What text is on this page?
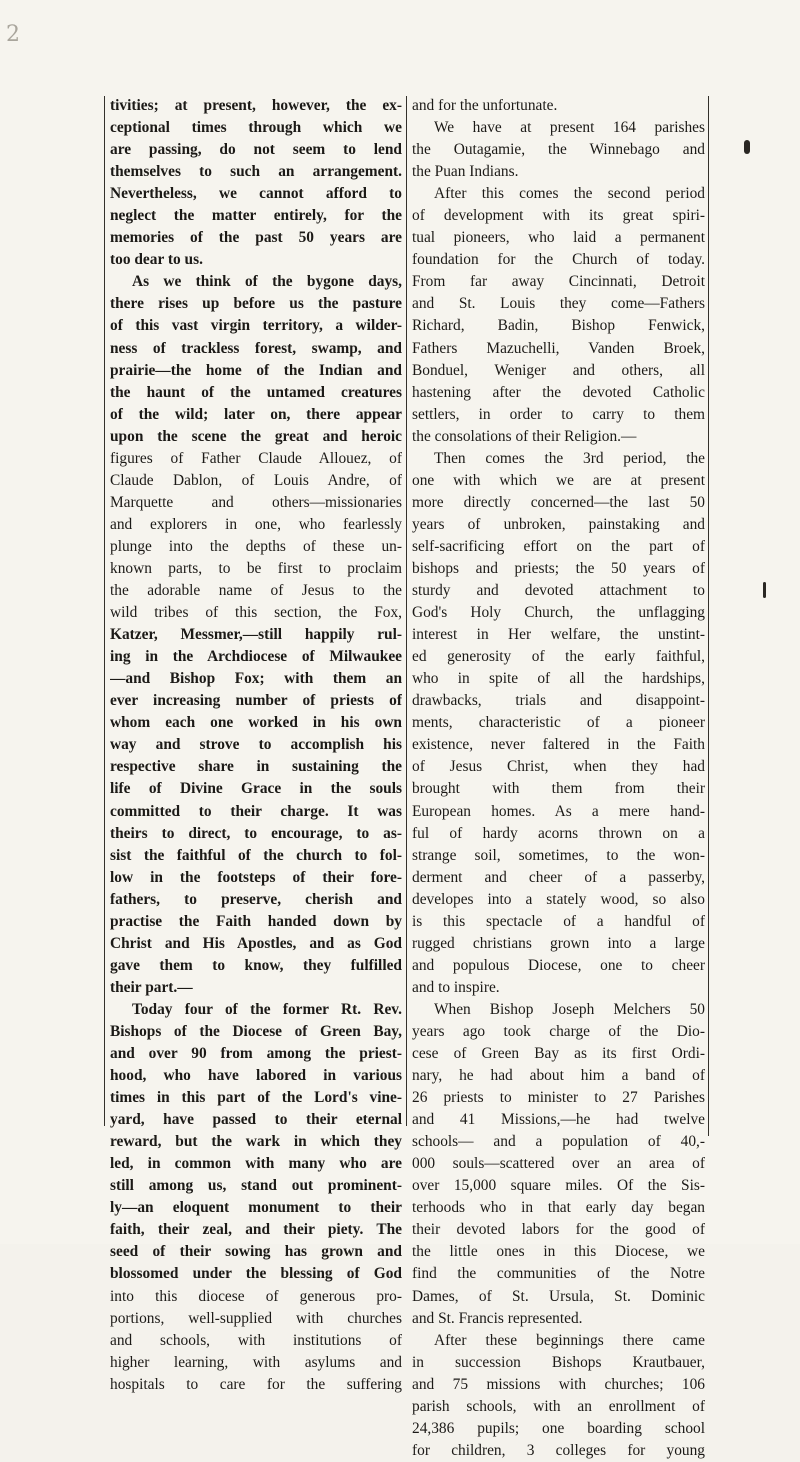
2
tivities; at present, however, the ex-
ceptional times through which we
are passing, do not seem to lend
themselves to such an arrangement.
Nevertheless, we cannot afford to
neglect the matter entirely, for the
memories of the past 50 years are
too dear to us.
As we think of the bygone days,
there rises up before us the pasture
of this vast virgin territory, a wilder-
ness of trackless forest, swamp, and
prairie—the home of the Indian and
the haunt of the untamed creatures
of the wild; later on, there appear
upon the scene the great and heroic
figures of Father Claude Allouez, of
Claude Dablon, of Louis Andre, of
Marquette and others—missionaries
and explorers in one, who fearlessly
plunge into the depths of these un-
known parts, to be first to proclaim
the adorable name of Jesus to the
wild tribes of this section, the Fox,
Katzer, Messmer,—still happily rul-
ing in the Archdiocese of Milwaukee
—and Bishop Fox; with them an
ever increasing number of priests of
whom each one worked in his own
way and strove to accomplish his
respective share in sustaining the
life of Divine Grace in the souls
committed to their charge. It was
theirs to direct, to encourage, to as-
sist the faithful of the church to fol-
low in the footsteps of their fore-
fathers, to preserve, cherish and
practise the Faith handed down by
Christ and His Apostles, and as God
gave them to know, they fulfilled
their part.—
Today four of the former Rt. Rev.
Bishops of the Diocese of Green Bay,
and over 90 from among the priest-
hood, who have labored in various
times in this part of the Lord's vine-
yard, have passed to their eternal
reward, but the wark in which they
led, in common with many who are
still among us, stand out prominent-
ly—an eloquent monument to their
faith, their zeal, and their piety. The
seed of their sowing has grown and
blossomed under the blessing of God
into this diocese of generous pro-
portions, well-supplied with churches
and schools, with institutions of
higher learning, with asylums and
hospitals to care for the suffering
and for the unfortunate.
We have at present 164 parishes
the Outagamie, the Winnebago and
the Puan Indians.
After this comes the second period
of development with its great spiri-
tual pioneers, who laid a permanent
foundation for the Church of today.
From far away Cincinnati, Detroit
and St. Louis they come—Fathers
Richard, Badin, Bishop Fenwick,
Fathers Mazuchelli, Vanden Broek,
Bonduel, Weniger and others, all
hastening after the devoted Catholic
settlers, in order to carry to them
the consolations of their Religion.—
Then comes the 3rd period, the
one with which we are at present
more directly concerned—the last 50
years of unbroken, painstaking and
self-sacrificing effort on the part of
bishops and priests; the 50 years of
sturdy and devoted attachment to
God's Holy Church, the unflagging
interest in Her welfare, the unstint-
ed generosity of the early faithful,
who in spite of all the hardships,
drawbacks, trials and disappoint-
ments, characteristic of a pioneer
existence, never faltered in the Faith
of Jesus Christ, when they had
brought with them from their
European homes. As a mere hand-
ful of hardy acorns thrown on a
strange soil, sometimes, to the won-
derment and cheer of a passerby,
developes into a stately wood, so also
is this spectacle of a handful of
rugged christians grown into a large
and populous Diocese, one to cheer
and to inspire.
When Bishop Joseph Melchers 50
years ago took charge of the Dio-
cese of Green Bay as its first Ordi-
nary, he had about him a band of
26 priests to minister to 27 Parishes
and 41 Missions,—he had twelve
schools— and a population of 40,-
000 souls—scattered over an area of
over 15,000 square miles. Of the Sis-
terhoods who in that early day began
their devoted labors for the good of
the little ones in this Diocese, we
find the communities of the Notre
Dames, of St. Ursula, St. Dominic
and St. Francis represented.
After these beginnings there came
in succession Bishops Krautbauer,
and 75 missions with churches; 106
parish schools, with an enrollment of
24,386 pupils; one boarding school
for children, 3 colleges for young
